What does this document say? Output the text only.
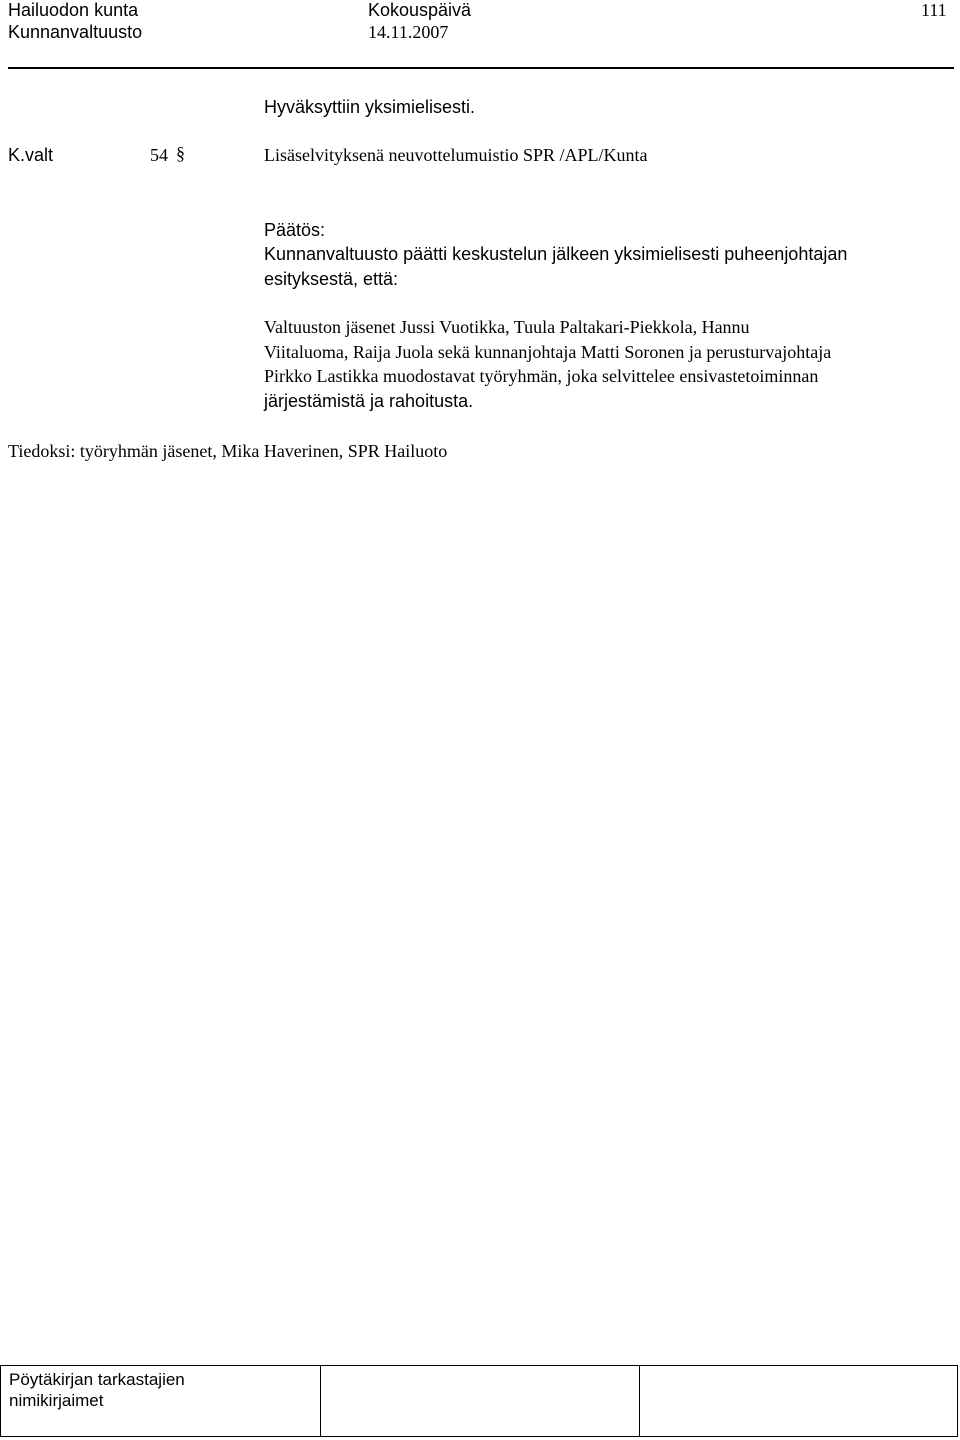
Hailuodon kunta
Kunnanvaltuusto
Kokouspäivä
14.11.2007
111
Hyväksyttiin yksimielisesti.
K.valt	54 §	Lisäselvityksenä neuvottelumuistio SPR /APL/Kunta
Päätös:
Kunnanvaltuusto päätti keskustelun jälkeen yksimielisesti puheenjohtajan
esityksestä, että:
Valtuuston jäsenet Jussi Vuotikka, Tuula Paltakari-Piekkola, Hannu
Viitaluoma, Raija Juola sekä kunnanjohtaja Matti Soronen ja perusturvajohtaja
Pirkko Lastikka muodostavat työryhmän, joka selvittelee ensivastetoiminnan
järjestämistä ja rahoitusta.
Tiedoksi: työryhmän jäsenet, Mika Haverinen, SPR Hailuoto
Pöytäkirjan tarkastajien
nimikirjaimet
